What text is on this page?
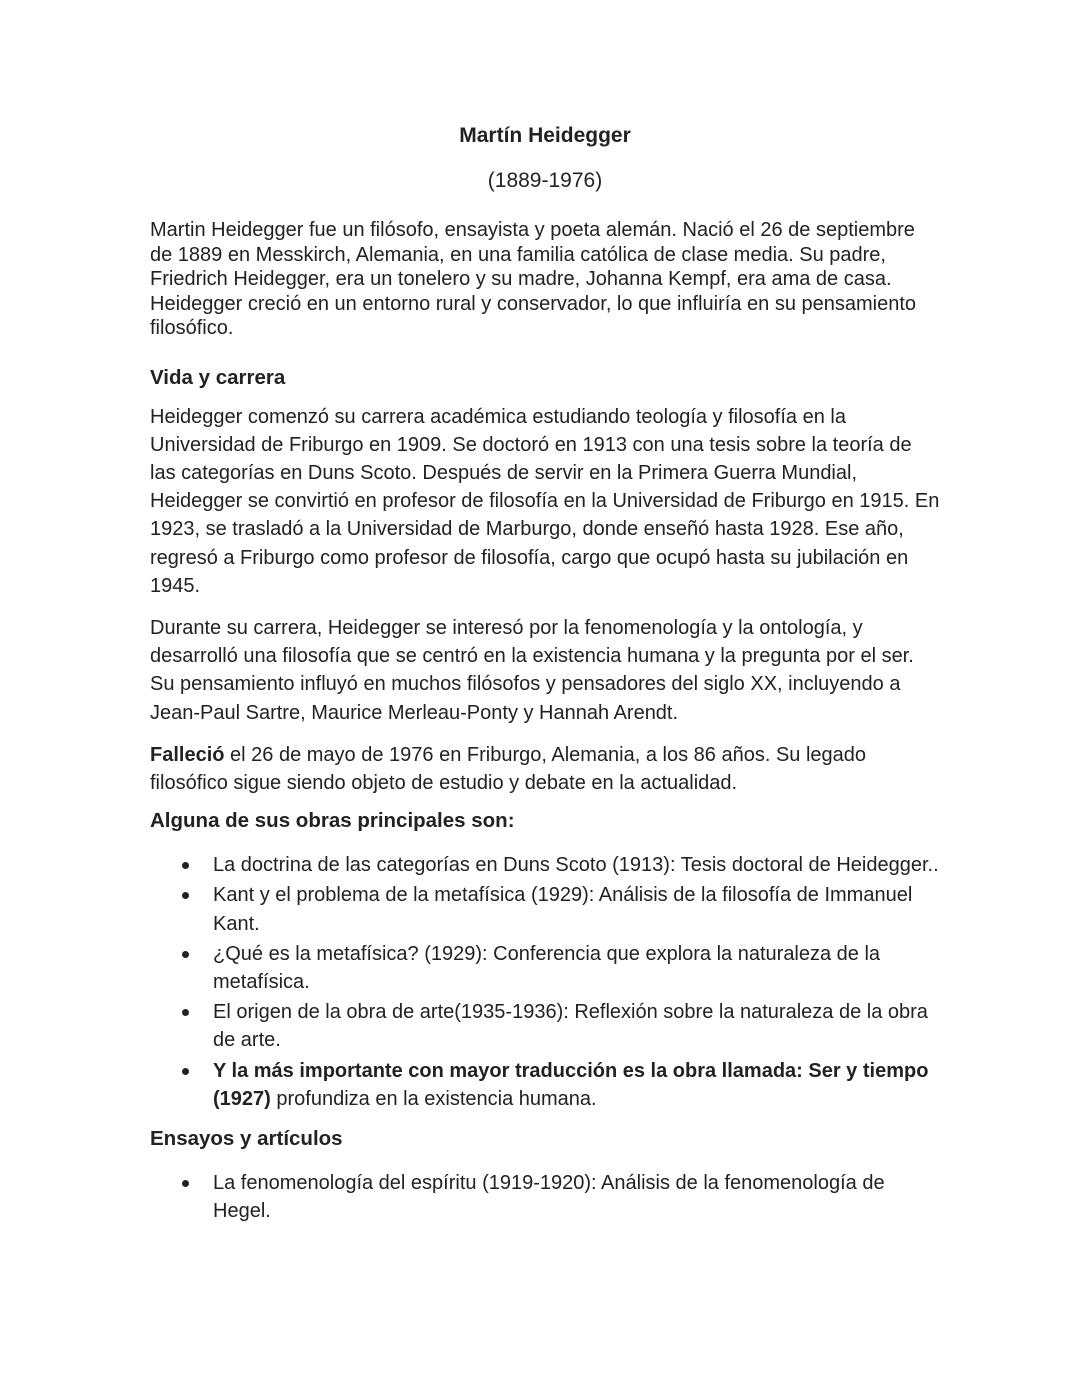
Martín Heidegger

(1889-1976)

Martin Heidegger fue un filósofo, ensayista y poeta alemán. Nació el 26 de septiembre de 1889 en Messkirch, Alemania, en una familia católica de clase media. Su padre, Friedrich Heidegger, era un tonelero y su madre, Johanna Kempf, era ama de casa. Heidegger creció en un entorno rural y conservador, lo que influiría en su pensamiento filosófico.

Vida y carrera

Heidegger comenzó su carrera académica estudiando teología y filosofía en la Universidad de Friburgo en 1909. Se doctoró en 1913 con una tesis sobre la teoría de las categorías en Duns Scoto. Después de servir en la Primera Guerra Mundial, Heidegger se convirtió en profesor de filosofía en la Universidad de Friburgo en 1915. En 1923, se trasladó a la Universidad de Marburgo, donde enseñó hasta 1928. Ese año, regresó a Friburgo como profesor de filosofía, cargo que ocupó hasta su jubilación en 1945.

Durante su carrera, Heidegger se interesó por la fenomenología y la ontología, y desarrolló una filosofía que se centró en la existencia humana y la pregunta por el ser. Su pensamiento influyó en muchos filósofos y pensadores del siglo XX, incluyendo a Jean-Paul Sartre, Maurice Merleau-Ponty y Hannah Arendt.

Falleció el 26 de mayo de 1976 en Friburgo, Alemania, a los 86 años. Su legado filosófico sigue siendo objeto de estudio y debate en la actualidad.

Alguna de sus obras principales son:

La doctrina de las categorías en Duns Scoto (1913): Tesis doctoral de Heidegger..
Kant y el problema de la metafísica (1929): Análisis de la filosofía de Immanuel Kant.
¿Qué es la metafísica? (1929): Conferencia que explora la naturaleza de la metafísica.
El origen de la obra de arte(1935-1936): Reflexión sobre la naturaleza de la obra de arte.
Y la más importante con mayor traducción es la obra llamada: Ser y tiempo (1927) profundiza en la existencia humana.

Ensayos y artículos

La fenomenología del espíritu (1919-1920): Análisis de la fenomenología de Hegel.
